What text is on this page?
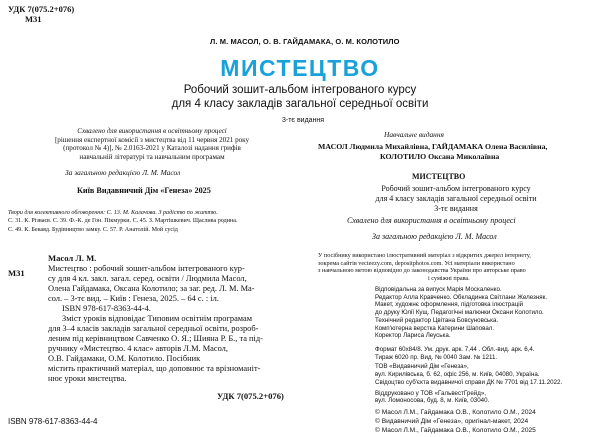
УДК 7(075.2+076)
М31
Л. М. МАСОЛ, О. В. ГАЙДАМАКА, О. М. КОЛОТИЛО
МИСТЕЦТВО
Робочий зошит-альбом інтегрованого курсу
для 4 класу закладів загальної середньої освіти
3-тє видання
Схвалено для використання в освітньому процесі
[рішення експертної комісії з мистецтва від 11 червня 2021 року
(протокол № 4)], № 2.0163-2021 у Каталозі надання грифів
навчальній літературі та навчальним програмам
За загальною редакцією Л. М. Масол
Київ Видавничий Дім «Генеза» 2025
Твори для колективного обговорення: С. 13. М. Калачова. З радістю по життю.
С. 31. К. Різваєв. С. 39. Ф.-К. де Гон. Пікмурки. С. 45. З. Мартішкевич. Щаслива родина.
С. 49. К. Бекавд. Будівництво замку. С. 57. Р. Анатолій. Мой сусід
Масол Л. М.
М31	Мистецтво : робочий зошит-альбом інтегрованого кур-
су для 4 кл. закл. загал. серед. освіти / Людмила Масол,
Олена Гайдамака, Оксана Колотило; за заг. ред. Л. М. Ма-
сол. – 3-тє вид. – Київ : Генеза, 2025. – 64 с. : іл.
ISBN 978-617-8363-44-4.
Зміст уроків відповідає Типовим освітнім програмам
для 3–4 класів закладів загальної середньої освіти, розроб-
леним під керівництвом Савченко О. Я.; Шияна Р. Б., та під-
ручнику «Мистецтво. 4 клас» авторів Л.М. Масол,
О.В. Гайдамаки, О.М. Колотило. Посібник
містить практичний матеріал, що доповнює та врізноманіт-
нює уроки мистецтва.
УДК 7(075.2+076)
ISBN 978-617-8363-44-4
Навчальне видання
МАСОЛ Людмила Михайлівна, ГАЙДАМАКА Олена Василівна,
КОЛОТИЛО Оксана Миколаївна
МИСТЕЦТВО
Робочий зошит-альбом інтегрованого курсу
для 4 класу закладів загальної середньої освіти
3-тє видання
Схвалено для використання в освітньому процесі
За загальною редакцією Л. М. Масол
У посібнику використано ілюстративний матеріал з відкритих джерел інтернету,
зокрема сайтів vecteezy.com, depositphotos.com. Усі матеріали використано
з навчальною метою відповідно до законодавства України про авторське право
і суміжні права.
Відповідальна за випуск Марія Москаленко.
Редактор Алла Кравченко. Обкладинка Світлани Железняк.
Макет, художнє оформлення, підготовка ілюстрацій
до друку Юлії Кущ. Педагогічні малюнки Оксани Колотило.
Технічний редактор Цвітана Бовсуновська.
Комп'ютерна верстка Катерини Шаповал.
Коректор Лариса Леуська.
Формат 60х84/8. Ум. друк. арк. 7,44 . Обл.-вид. арк. 6,4.
Тираж 6020 пр. Вид. № 0040 Зам. № 1211.
ТОВ «Видавничий Дім «Генеза»,
вул. Кирилівська, б. 62, офіс 256, м. Київ, 04080, Україна.
Свідоцтво суб'єкта видавничої справи ДК № 7701 від 17.11.2022.
Віддруковано у ТОВ «ГальвестГрейд»,
вул. Ломоносова, буд. 8, м. Київ, 03040.
© Масол Л.М., Гайдамака О.В., Колотило О.М., 2024
© Видавничий Дім «Генеза», оригінал-макет, 2024
© Масол Л.М., Гайдамака О.В., Колотило О.М., 2025
